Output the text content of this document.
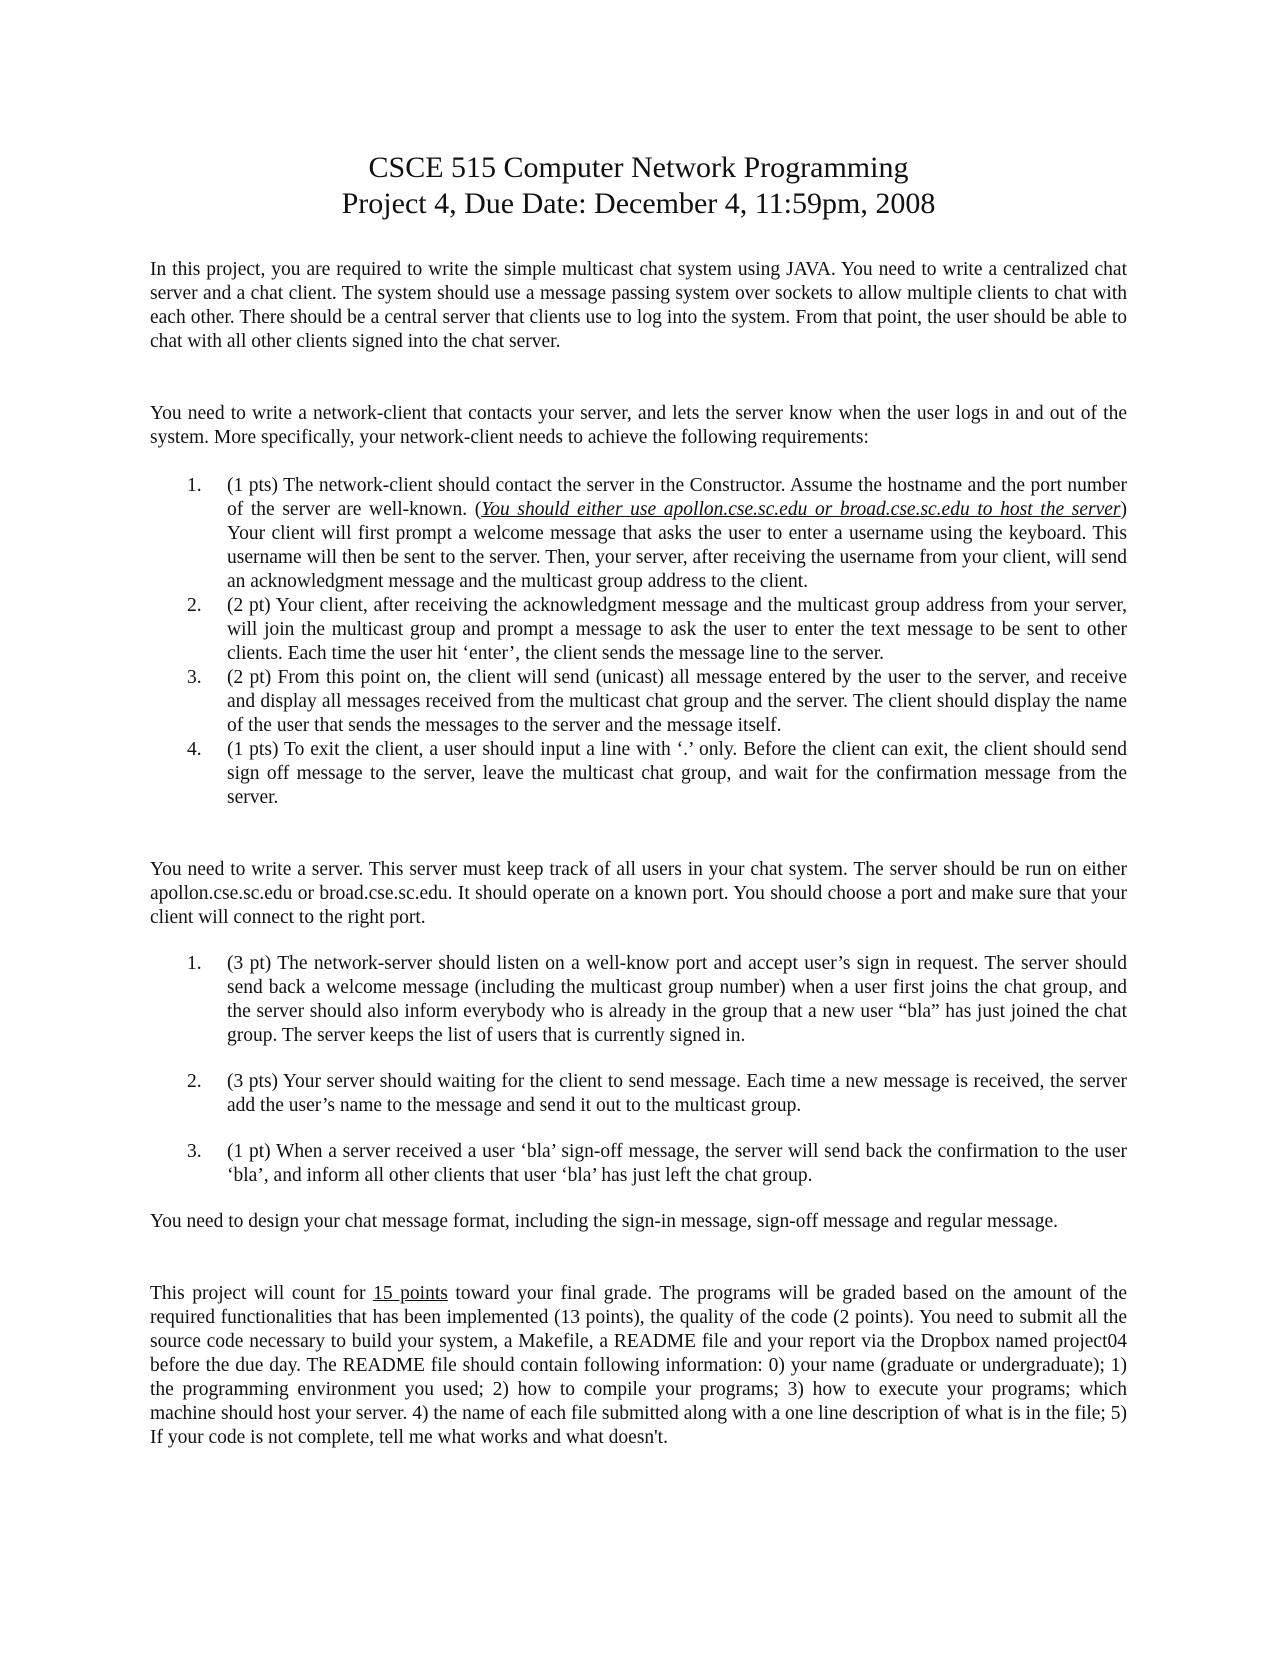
CSCE 515 Computer Network Programming
Project 4, Due Date: December 4, 11:59pm, 2008

In this project, you are required to write the simple multicast chat system using JAVA. You need to write a centralized chat server and a chat client. The system should use a message passing system over sockets to allow multiple clients to chat with each other. There should be a central server that clients use to log into the system. From that point, the user should be able to chat with all other clients signed into the chat server.

You need to write a network-client that contacts your server, and lets the server know when the user logs in and out of the system. More specifically, your network-client needs to achieve the following requirements:

1. (1 pts) The network-client should contact the server in the Constructor. Assume the hostname and the port number of the server are well-known. (You should either use apollon.cse.sc.edu or broad.cse.sc.edu to host the server) Your client will first prompt a welcome message that asks the user to enter a username using the keyboard. This username will then be sent to the server. Then, your server, after receiving the username from your client, will send an acknowledgment message and the multicast group address to the client.
2. (2 pt) Your client, after receiving the acknowledgment message and the multicast group address from your server, will join the multicast group and prompt a message to ask the user to enter the text message to be sent to other clients. Each time the user hit ‘enter’, the client sends the message line to the server.
3. (2 pt) From this point on, the client will send (unicast) all message entered by the user to the server, and receive and display all messages received from the multicast chat group and the server. The client should display the name of the user that sends the messages to the server and the message itself.
4. (1 pts) To exit the client, a user should input a line with ‘.’ only. Before the client can exit, the client should send sign off message to the server, leave the multicast chat group, and wait for the confirmation message from the server.

You need to write a server. This server must keep track of all users in your chat system. The server should be run on either apollon.cse.sc.edu or broad.cse.sc.edu. It should operate on a known port. You should choose a port and make sure that your client will connect to the right port.

1. (3 pt) The network-server should listen on a well-know port and accept user’s sign in request. The server should send back a welcome message (including the multicast group number) when a user first joins the chat group, and the server should also inform everybody who is already in the group that a new user “bla” has just joined the chat group. The server keeps the list of users that is currently signed in.
2. (3 pts) Your server should waiting for the client to send message. Each time a new message is received, the server add the user’s name to the message and send it out to the multicast group.
3. (1 pt) When a server received a user ‘bla’ sign-off message, the server will send back the confirmation to the user ‘bla’, and inform all other clients that user ‘bla’ has just left the chat group.

You need to design your chat message format, including the sign-in message, sign-off message and regular message.

This project will count for 15 points toward your final grade. The programs will be graded based on the amount of the required functionalities that has been implemented (13 points), the quality of the code (2 points). You need to submit all the source code necessary to build your system, a Makefile, a README file and your report via the Dropbox named project04 before the due day. The README file should contain following information: 0) your name (graduate or undergraduate); 1) the programming environment you used; 2) how to compile your programs; 3) how to execute your programs; which machine should host your server. 4) the name of each file submitted along with a one line description of what is in the file; 5) If your code is not complete, tell me what works and what doesn't.
